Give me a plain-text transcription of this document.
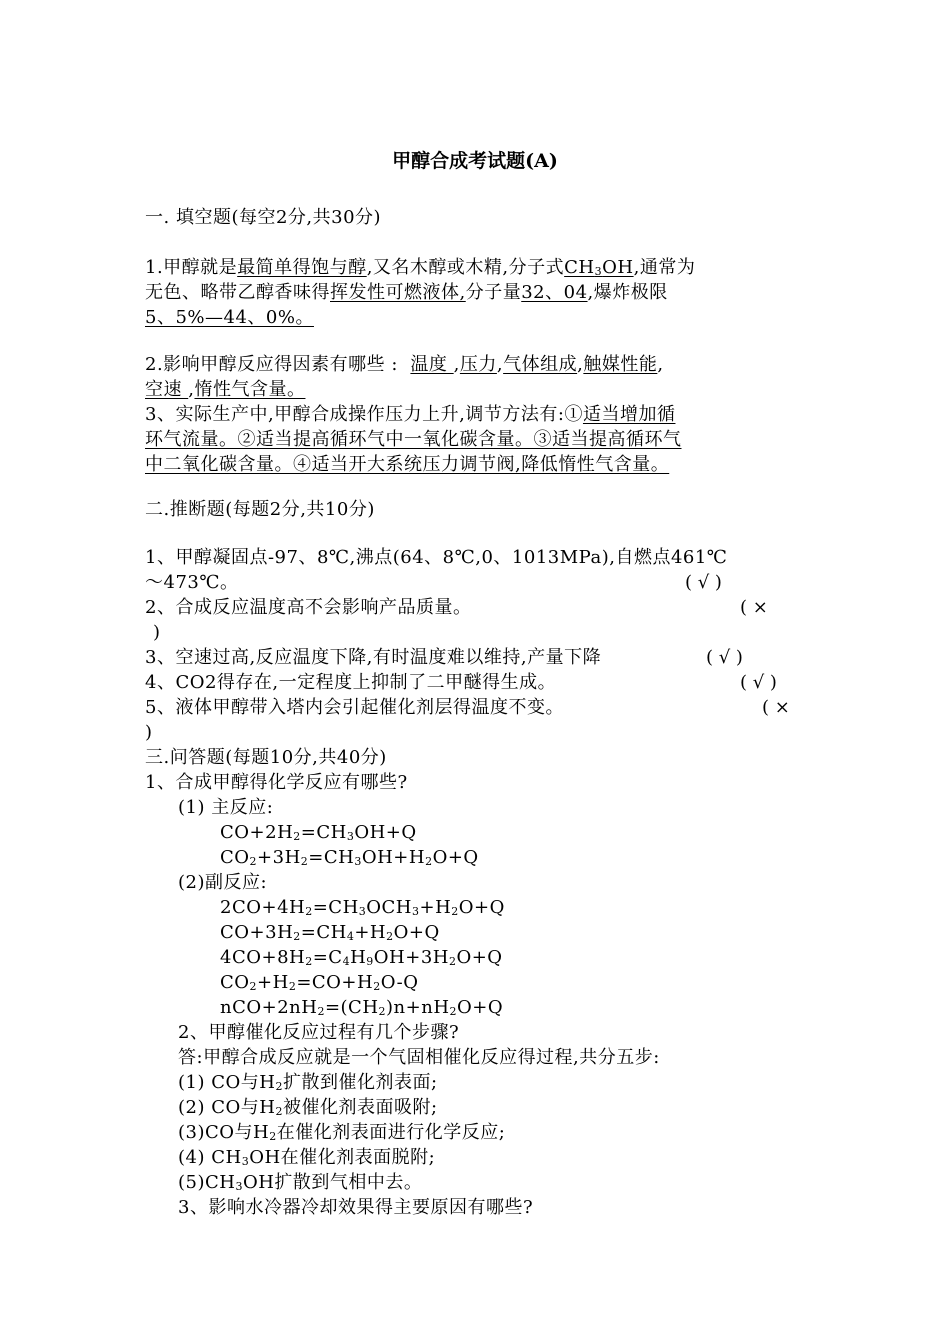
甲醇合成考试题(A)
一. 填空题(每空2分,共30分)
1.甲醇就是最简单得饱与醇,又名木醇或木精,分子式$CH_3OH$,通常为
无色、略带乙醇香味得挥发性可燃液体,分子量32、04,爆炸极限
5、5%—44、0%。
2.影响甲醇反应得因素有哪些 :  温度 ,压力,气体组成,触媒性能,
空速 ,惰性气含量。
3、实际生产中,甲醇合成操作压力上升,调节方法有:①适当增加循
环气流量。②适当提高循环气中一氧化碳含量。③适当提高循环气
中二氧化碳含量。④适当开大系统压力调节阀,降低惰性气含量。
二.推断题(每题2分,共10分)
1、甲醇凝固点-97、8℃,沸点(64、8℃,0、1013MPa),自燃点461℃
～473℃。	( √ )
2、合成反应温度高不会影响产品质量。	( ×
)
3、空速过高,反应温度下降,有时温度难以维持,产量下降	( √ )
4、CO2得存在,一定程度上抑制了二甲醚得生成。	( √ )
5、液体甲醇带入塔内会引起催化剂层得温度不变。	( ×
)
三.问答题(每题10分,共40分)
1、合成甲醇得化学反应有哪些?
(1) 主反应:
$CO+2H_2=CH_3OH+Q$
$CO_2+3H_2=CH_3OH+H_2O+Q$
(2)副反应:
$2CO+4H_2=CH_3OCH_3+H_2O+Q$
$CO+3H_2=CH_4+H_2O+Q$
$4CO+8H_2=C_4H_9OH+3H_2O+Q$
$CO_2+H_2=CO+H_2O-Q$
$nCO+2nH_2=(CH_2)n+nH_2O+Q$
2、甲醇催化反应过程有几个步骤?
答:甲醇合成反应就是一个气固相催化反应得过程,共分五步:
(1) CO与$H_2$扩散到催化剂表面;
(2) CO与$H_2$被催化剂表面吸附;
(3)CO与$H_2$在催化剂表面进行化学反应;
(4) $CH_3OH$在催化剂表面脱附;
$(5)CH_3OH$扩散到气相中去。
3、影响水冷器冷却效果得主要原因有哪些?
